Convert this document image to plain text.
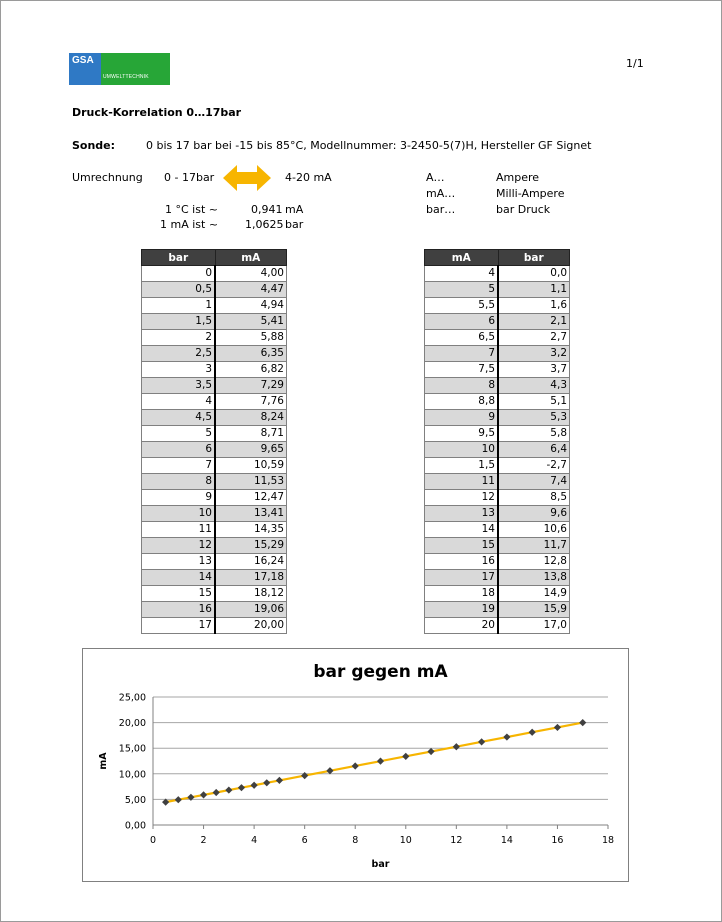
GSA
UMWELTTECHNIK
1/1
Druck-Korrelation 0…17bar
Sonde:	0 bis 17 bar bei -15 bis 85°C, Modellnummer: 3-2450-5(7)H, Hersteller GF Signet
Umrechnung 0 - 17bar	4-20 mA
1 °C ist ~	0,941 mA
1 mA ist ~ 1,0625 bar
A…	Ampere
mA…	Milli-Ampere
bar…	bar Druck
bar	mA
0	4,00
0,5	4,47
1	4,94
1,5	5,41
2	5,88
2,5	6,35
3	6,82
3,5	7,29
4	7,76
4,5	8,24
5	8,71
6	9,65
7	10,59
8	11,53
9	12,47
10	13,41
11	14,35
12	15,29
13	16,24
14	17,18
15	18,12
16	19,06
17	20,00
mA	bar
4	0,0
5	1,1
5,5	1,6
6	2,1
6,5	2,7
7	3,2
7,5	3,7
8	4,3
8,8	5,1
9	5,3
9,5	5,8
10	6,4
1,5	-2,7
11	7,4
12	8,5
13	9,6
14	10,6
15	11,7
16	12,8
17	13,8
18	14,9
19	15,9
20	17,0
bar gegen mA
0,00
5,00
10,00
15,00
20,00
25,00
0	2	4	6	8	10	12	14	16	18
bar
mA
